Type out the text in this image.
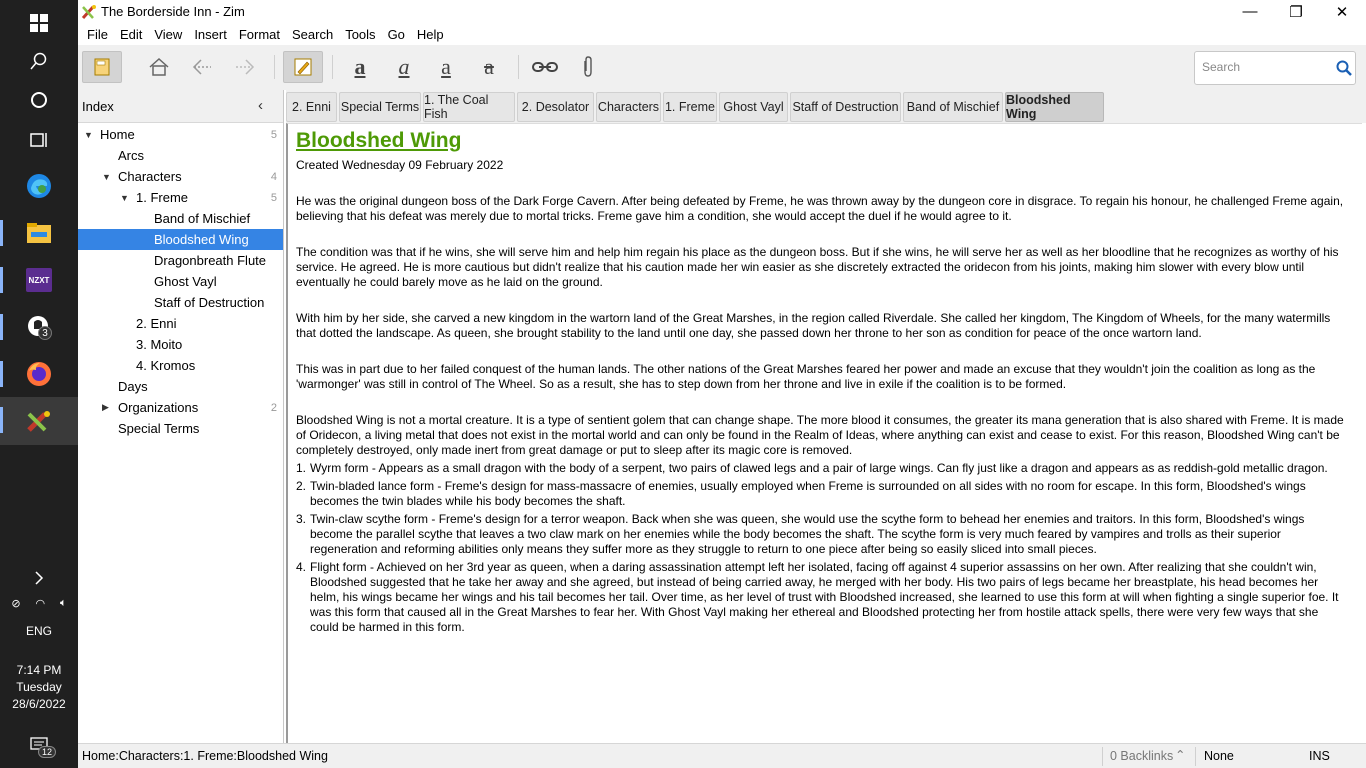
NZXT
3
⊘ ◠ 🔈︎
ENG
7:14 PM
Tuesday
28/6/2022
12
The Borderside Inn - Zim	—	❐	✕
File Edit View Insert Format Search Tools Go Help
a a a a
Search
Index	‹
▼ Home	5
Arcs
▼ Characters	4
▼ 1. Freme	5
Band of Mischief
Bloodshed Wing
Dragonbreath Flute
Ghost Vayl
Staff of Destruction
2. Enni
3. Moito
4. Kromos
Days
▶ Organizations	2
Special Terms
2. Enni Special Terms 1. The Coal Fish	2. Desolator Characters 1. Freme Ghost Vayl Staff of Destruction Band of Mischief Bloodshed Wing
Bloodshed Wing
Created Wednesday 09 February 2022
He was the original dungeon boss of the Dark Forge Cavern. After being defeated by Freme, he was thrown away by the dungeon core in disgrace. To regain his honour, he challenged Freme again, believing that his defeat was merely due to mortal tricks. Freme gave him a condition, she would accept the duel if he would agree to it.
The condition was that if he wins, she will serve him and help him regain his place as the dungeon boss. But if she wins, he will serve her as well as her bloodline that he recognizes as worthy of his service. He agreed. He is more cautious but didn't realize that his caution made her win easier as she discretely extracted the oridecon from his joints, making him slower with every blow until eventually he could barely move as he laid on the ground.
With him by her side, she carved a new kingdom in the wartorn land of the Great Marshes, in the region called Riverdale. She called her kingdom, The Kingdom of Wheels, for the many watermills that dotted the landscape. As queen, she brought stability to the land until one day, she passed down her throne to her son as condition for peace of the once wartorn land.
This was in part due to her failed conquest of the human lands. The other nations of the Great Marshes feared her power and made an excuse that they wouldn't join the coalition as long as the 'warmonger' was still in control of The Wheel. So as a result, she has to step down from her throne and live in exile if the coalition is to be formed.
Bloodshed Wing is not a mortal creature. It is a type of sentient golem that can change shape. The more blood it consumes, the greater its mana generation that is also shared with Freme. It is made of Oridecon, a living metal that does not exist in the mortal world and can only be found in the Realm of Ideas, where anything can exist and cease to exist. For this reason, Bloodshed Wing can't be completely destroyed, only made inert from great damage or put to sleep after its magic core is removed.
1. Wyrm form - Appears as a small dragon with the body of a serpent, two pairs of clawed legs and a pair of large wings. Can fly just like a dragon and appears as as reddish-gold metallic dragon.
2. Twin-bladed lance form - Freme's design for mass-massacre of enemies, usually employed when Freme is surrounded on all sides with no room for escape. In this form, Bloodshed's wings becomes the twin blades while his body becomes the shaft.
3. Twin-claw scythe form - Freme's design for a terror weapon. Back when she was queen, she would use the scythe form to behead her enemies and traitors. In this form, Bloodshed's wings become the parallel scythe that leaves a two claw mark on her enemies while the body becomes the shaft. The scythe form is very much feared by vampires and trolls as their superior regeneration and reforming abilities only means they suffer more as they struggle to return to one piece after being so easily sliced into small pieces.
4. Flight form - Achieved on her 3rd year as queen, when a daring assassination attempt left her isolated, facing off against 4 superior assassins on her own. After realizing that she couldn't win, Bloodshed suggested that he take her away and she agreed, but instead of being carried away, he merged with her body. His two pairs of legs became her breastplate, his head becomes her helm, his wings became her wings and his tail becomes her tail. Over time, as her level of trust with Bloodshed increased, she learned to use this form at will when fighting a single superior foe. It was this form that caused all in the Great Marshes to fear her. With Ghost Vayl making her ethereal and Bloodshed protecting her from hostile attack spells, there were very few ways that she could be harmed in this form.
Home:Characters:1. Freme:Bloodshed Wing	0 Backlinks ⌃ None	INS
